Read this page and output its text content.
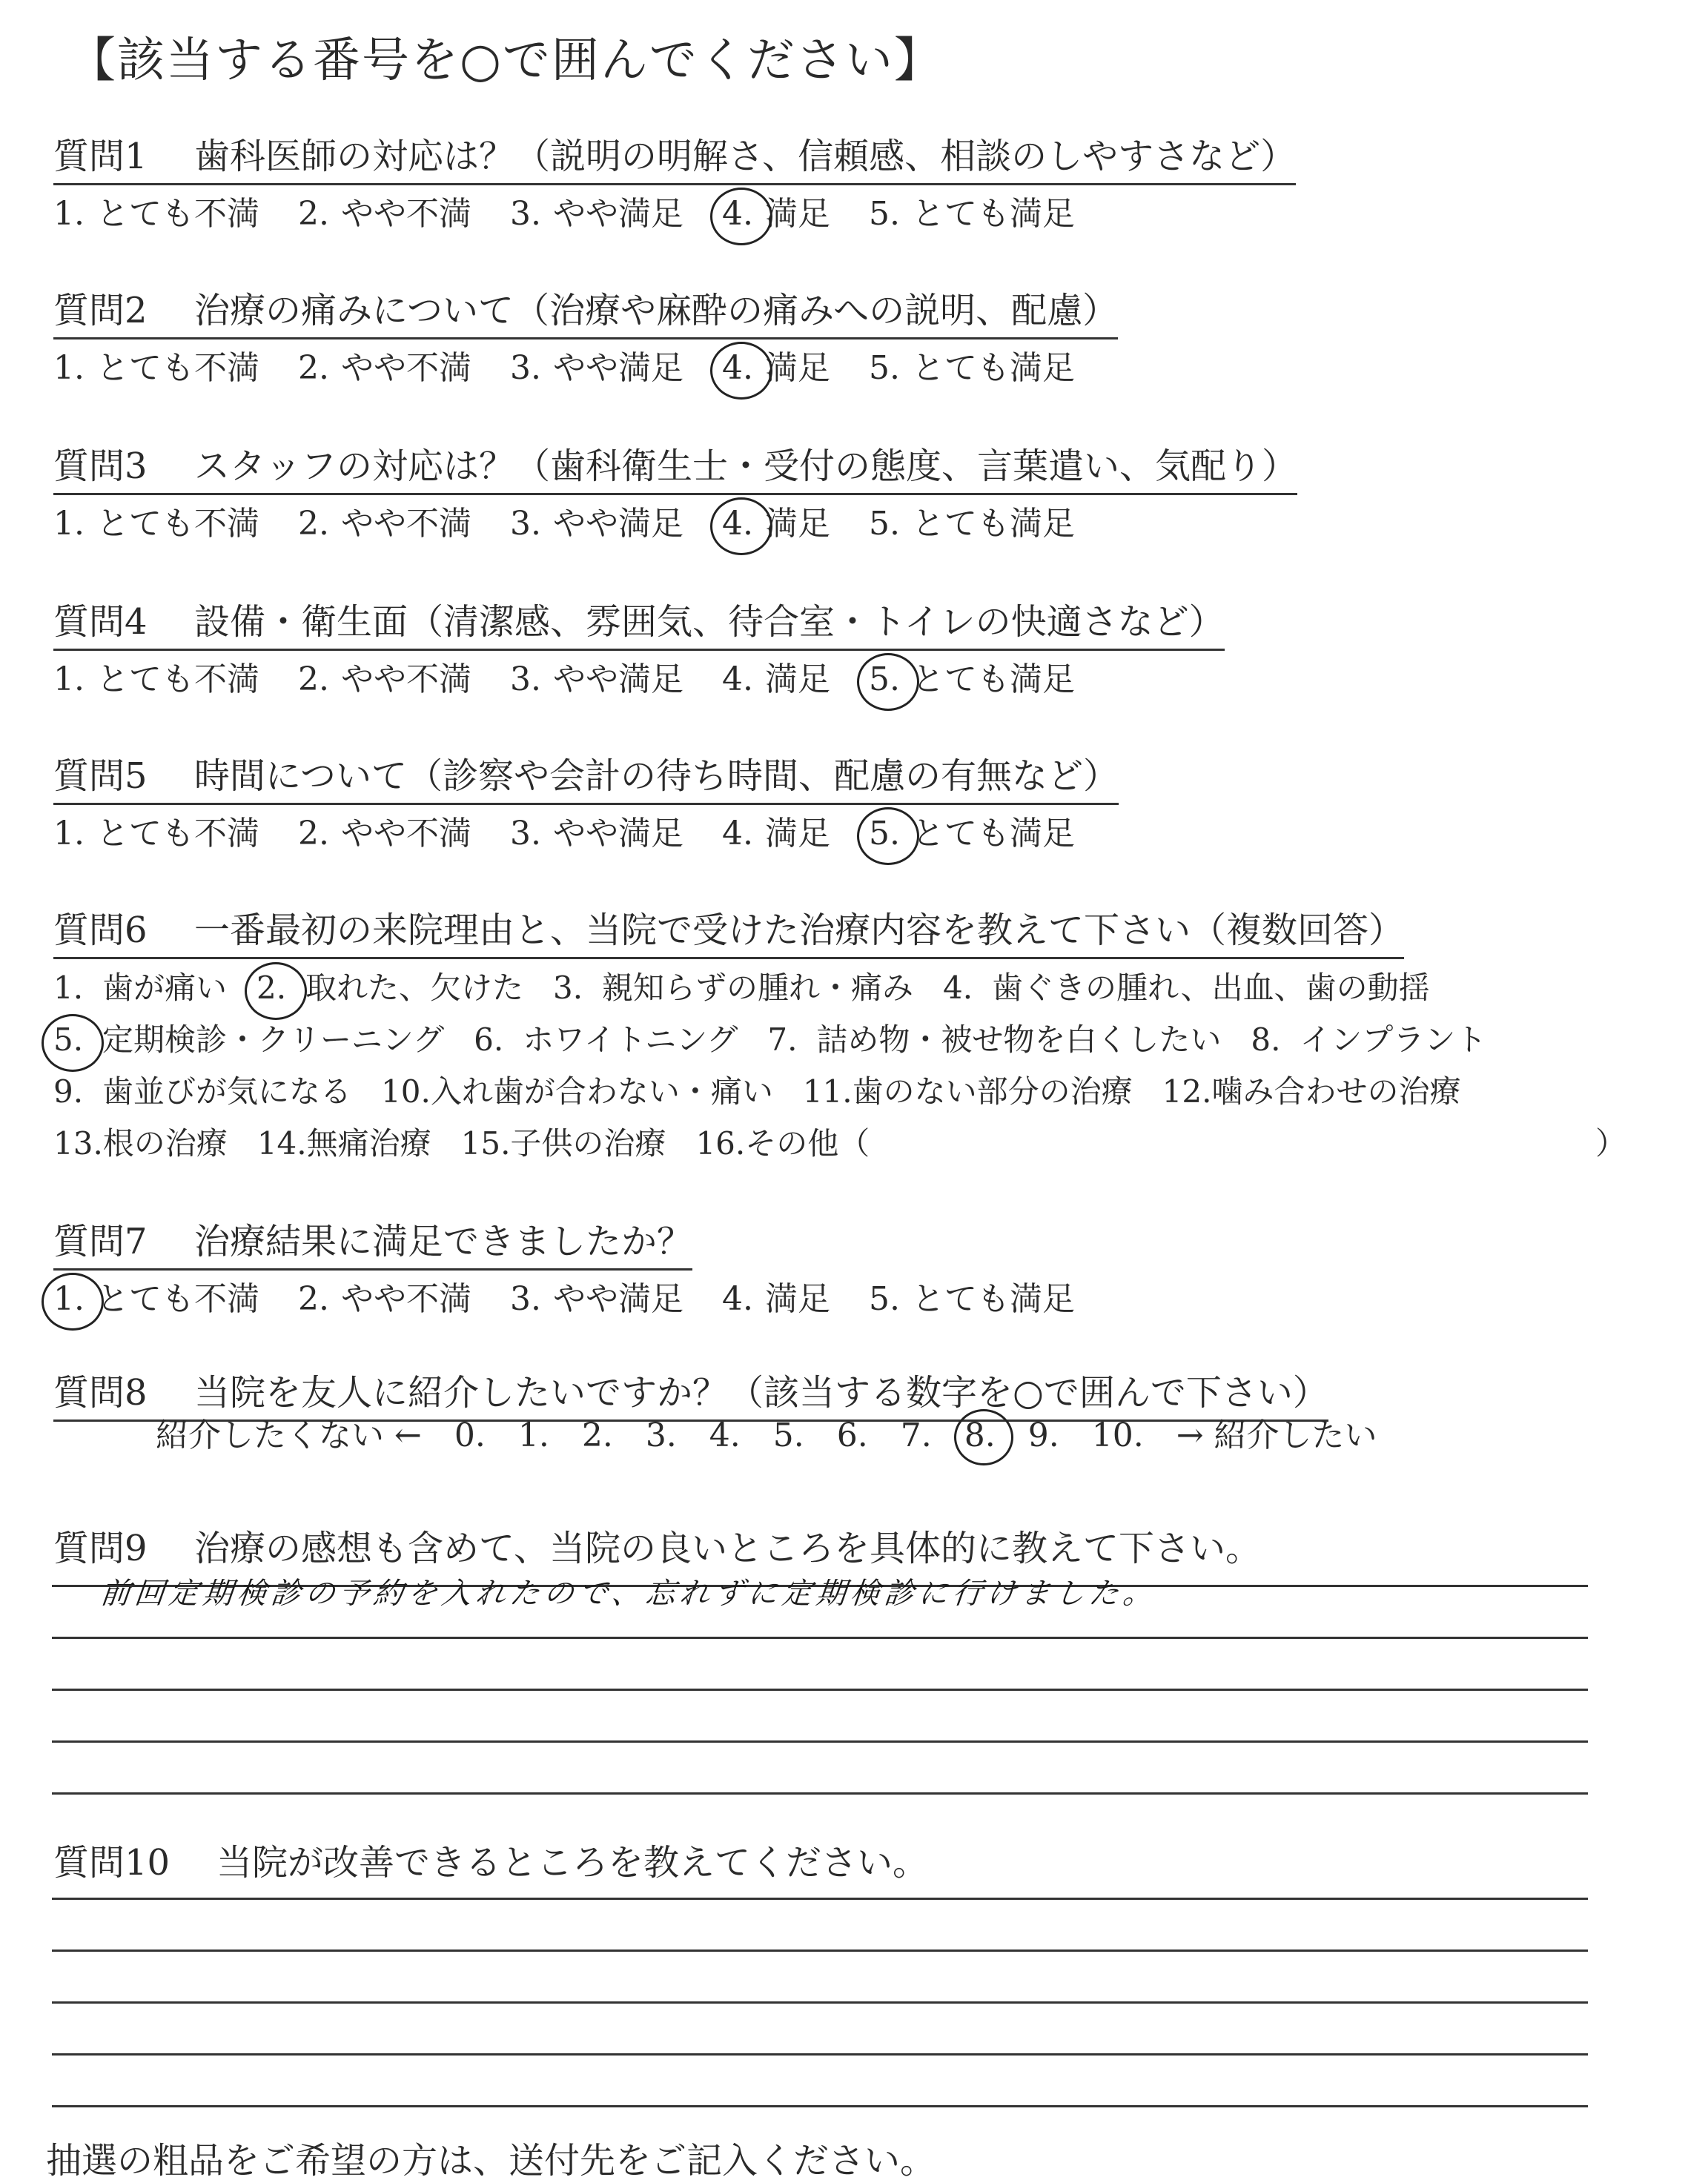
【該当する番号を○で囲んでください】
質問1 歯科医師の対応は？（説明の明解さ、信頼感、相談のしやすさなど）
1. とても不満 2. やや不満 3. やや満足 4. 満足 5. とても満足
質問2 治療の痛みについて（治療や麻酔の痛みへの説明、配慮）
1. とても不満 2. やや不満 3. やや満足 4. 満足 5. とても満足
質問3 スタッフの対応は？（歯科衛生士・受付の態度、言葉遣い、気配り）
1. とても不満 2. やや不満 3. やや満足 4. 満足 5. とても満足
質問4 設備・衛生面（清潔感、雰囲気、待合室・トイレの快適さなど）
1. とても不満 2. やや不満 3. やや満足 4. 満足 5. とても満足
質問5 時間について（診察や会計の待ち時間、配慮の有無など）
1. とても不満 2. やや不満 3. やや満足 4. 満足 5. とても満足
質問6 一番最初の来院理由と、当院で受けた治療内容を教えて下さい（複数回答）
1. 歯が痛い 2. 取れた、欠けた 3. 親知らずの腫れ・痛み 4. 歯ぐきの腫れ、出血、歯の動揺
5. 定期検診・クリーニング 6. ホワイトニング 7. 詰め物・被せ物を白くしたい 8. インプラント
9. 歯並びが気になる 10.入れ歯が合わない・痛い 11.歯のない部分の治療 12.噛み合わせの治療
13.根の治療 14.無痛治療 15.子供の治療 16.その他（	）
質問7 治療結果に満足できましたか？
1. とても不満 2. やや不満 3. やや満足 4. 満足 5. とても満足
質問8 当院を友人に紹介したいですか？（該当する数字を○で囲んで下さい）
紹介したくない ← 0. 1. 2. 3. 4. 5. 6. 7. 8. 9. 10. → 紹介したい
質問9 治療の感想も含めて、当院の良いところを具体的に教えて下さい。
前回定期検診の予約を入れたので、忘れずに定期検診に行けました。
質問10 当院が改善できるところを教えてください。
抽選の粗品をご希望の方は、送付先をご記入ください。
